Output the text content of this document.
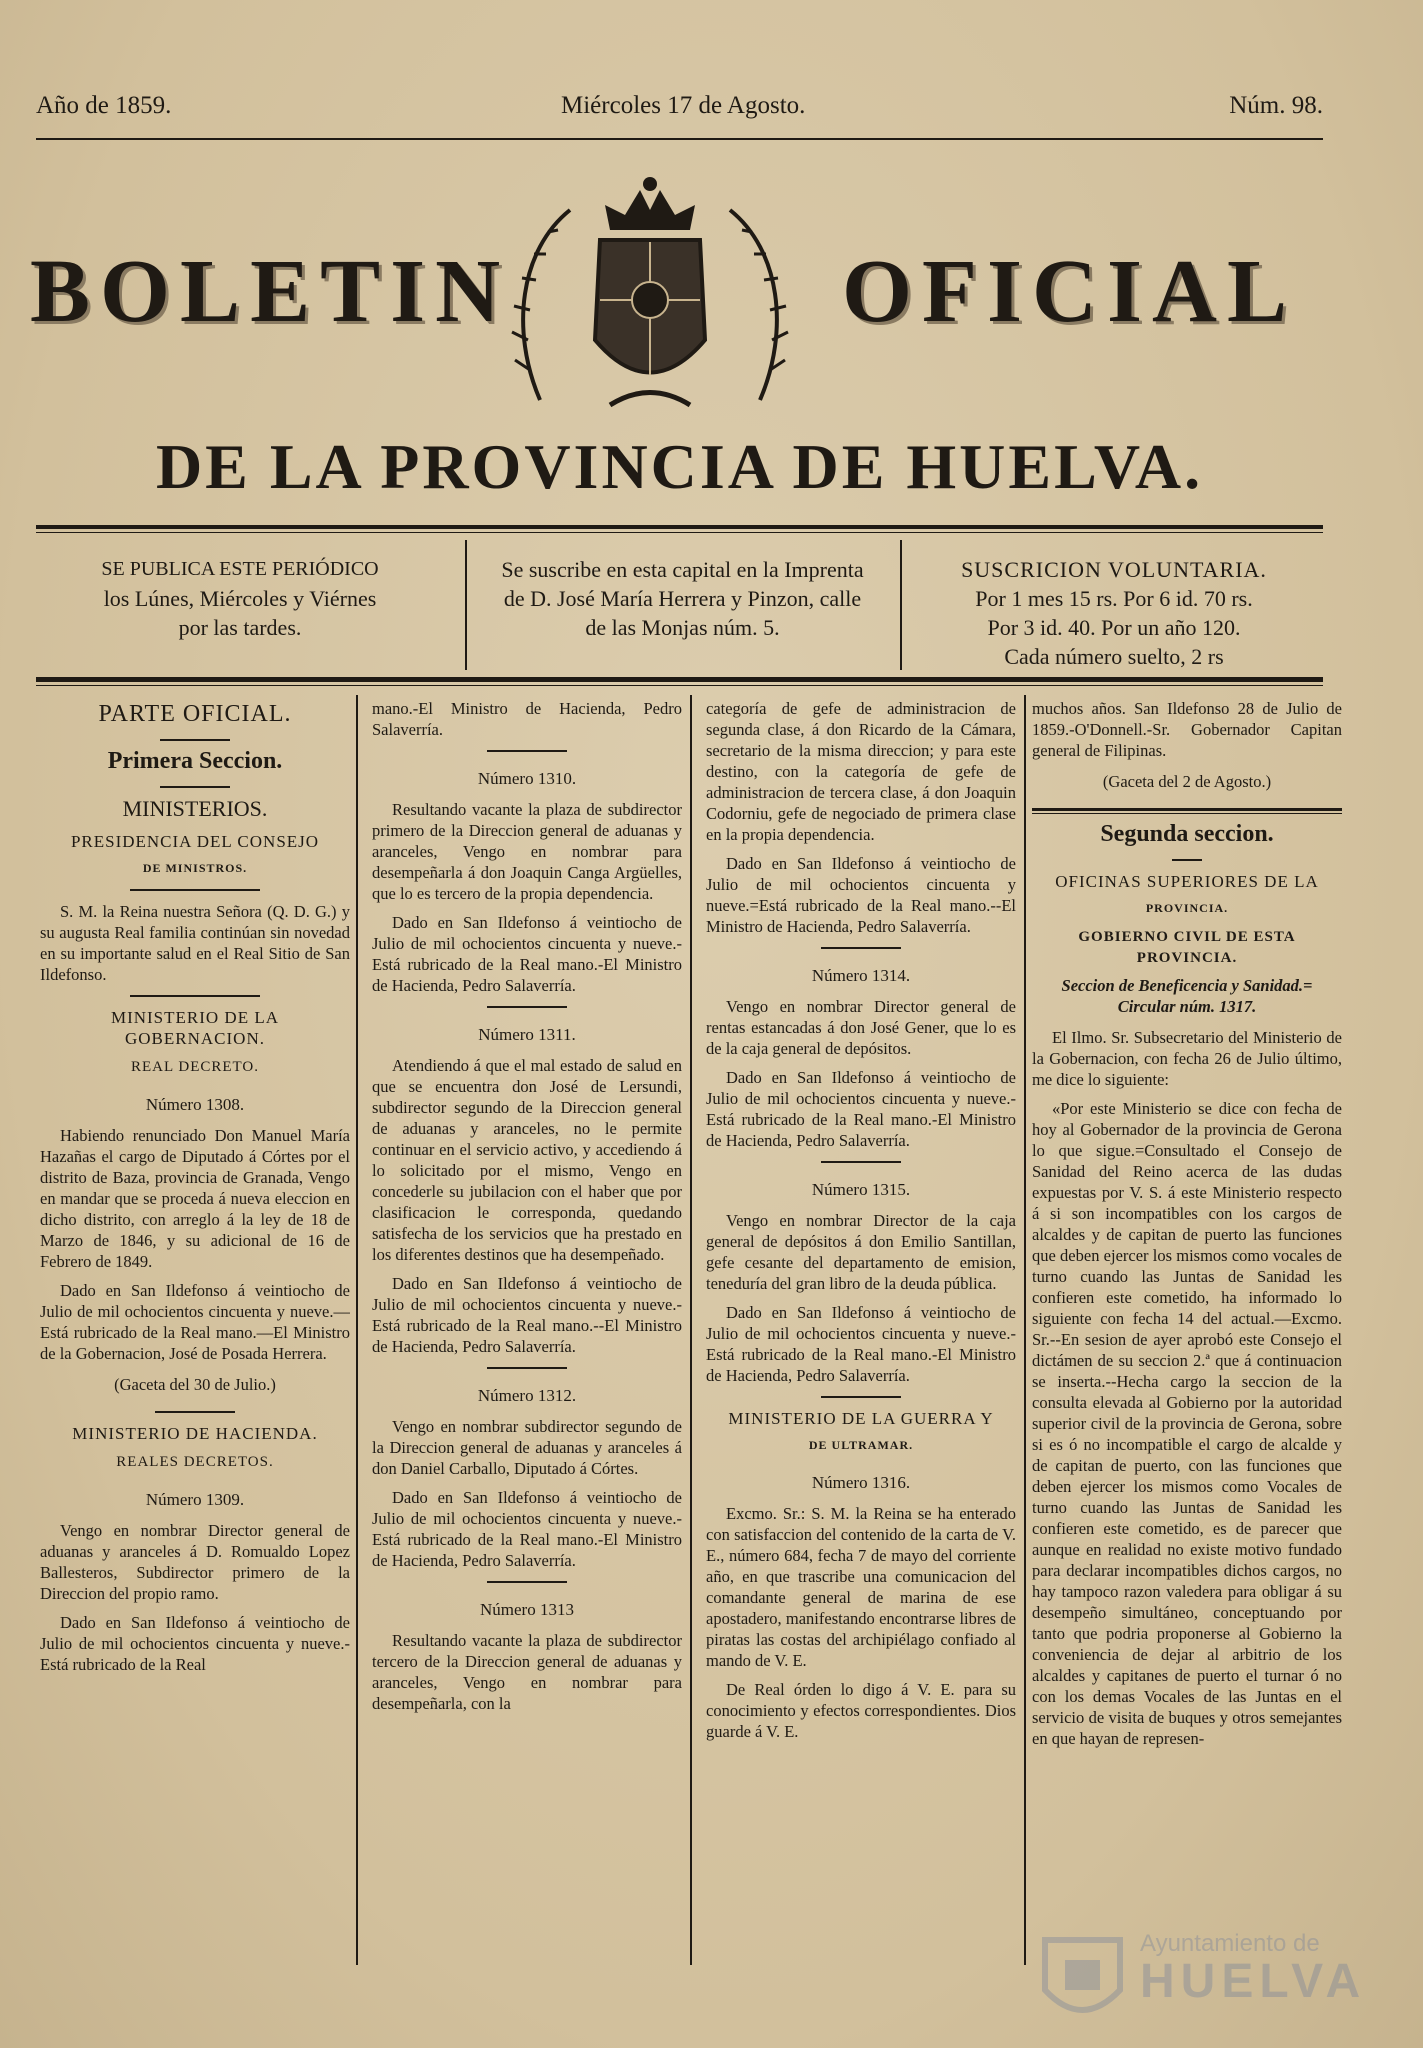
Año de 1859.	Miércoles 17 de Agosto.	Núm. 98.
BOLETIN	OFICIAL
DE LA PROVINCIA DE HUELVA.
SE PUBLICA ESTE PERIÓDICO
los Lúnes, Miércoles y Viérnes
por las tardes.
Se suscribe en esta capital en la Imprenta
de D. José María Herrera y Pinzon, calle
de las Monjas núm. 5.
SUSCRICION VOLUNTARIA.
Por 1 mes 15 rs. Por 6 id. 70 rs.
Por 3 id. 40. Por un año 120.
Cada número suelto, 2 rs
PARTE OFICIAL.
Primera Seccion.
MINISTERIOS.
PRESIDENCIA DEL CONSEJO
DE MINISTROS.

S. M. la Reina nuestra Señora (Q. D. G.) y su augusta Real familia continúan sin novedad en su importante salud en el Real Sitio de San Ildefonso.

MINISTERIO DE LA GOBERNACION.
REAL DECRETO.
Número 1308.

Habiendo renunciado Don Manuel María Hazañas el cargo de Diputado á Córtes por el distrito de Baza, provincia de Granada, Vengo en mandar que se proceda á nueva eleccion en dicho distrito, con arreglo á la ley de 18 de Marzo de 1846, y su adicional de 16 de Febrero de 1849.

Dado en San Ildefonso á veintiocho de Julio de mil ochocientos cincuenta y nueve.—Está rubricado de la Real mano.—El Ministro de la Gobernacion, José de Posada Herrera.

(Gaceta del 30 de Julio.)
MINISTERIO DE HACIENDA.
REALES DECRETOS.
Número 1309.

Vengo en nombrar Director general de aduanas y aranceles á D. Romualdo Lopez Ballesteros, Subdirector primero de la Direccion del propio ramo.

Dado en San Ildefonso á veintiocho de Julio de mil ochocientos cincuenta y nueve.-Está rubricado de la Real

mano.-El Ministro de Hacienda, Pedro Salaverría.

Número 1310.

Resultando vacante la plaza de subdirector primero de la Direccion general de aduanas y aranceles, Vengo en nombrar para desempeñarla á don Joaquin Canga Argüelles, que lo es tercero de la propia dependencia.

Dado en San Ildefonso á veintiocho de Julio de mil ochocientos cincuenta y nueve.-Está rubricado de la Real mano.-El Ministro de Hacienda, Pedro Salaverría.

Número 1311.

Atendiendo á que el mal estado de salud en que se encuentra don José de Lersundi, subdirector segundo de la Direccion general de aduanas y aranceles, no le permite continuar en el servicio activo, y accediendo á lo solicitado por el mismo, Vengo en concederle su jubilacion con el haber que por clasificacion le corresponda, quedando satisfecha de los servicios que ha prestado en los diferentes destinos que ha desempeñado.

Dado en San Ildefonso á veintiocho de Julio de mil ochocientos cincuenta y nueve.-Está rubricado de la Real mano.--El Ministro de Hacienda, Pedro Salaverría.

Número 1312.

Vengo en nombrar subdirector segundo de la Direccion general de aduanas y aranceles á don Daniel Carballo, Diputado á Córtes.

Dado en San Ildefonso á veintiocho de Julio de mil ochocientos cincuenta y nueve.-Está rubricado de la Real mano.-El Ministro de Hacienda, Pedro Salaverría.

Número 1313

Resultando vacante la plaza de subdirector tercero de la Direccion general de aduanas y aranceles, Vengo en nombrar para desempeñarla, con la

categoría de gefe de administracion de segunda clase, á don Ricardo de la Cámara, secretario de la misma direccion; y para este destino, con la categoría de gefe de administracion de tercera clase, á don Joaquin Codorniu, gefe de negociado de primera clase en la propia dependencia.

Dado en San Ildefonso á veintiocho de Julio de mil ochocientos cincuenta y nueve.=Está rubricado de la Real mano.--El Ministro de Hacienda, Pedro Salaverría.

Número 1314.

Vengo en nombrar Director general de rentas estancadas á don José Gener, que lo es de la caja general de depósitos.

Dado en San Ildefonso á veintiocho de Julio de mil ochocientos cincuenta y nueve.-Está rubricado de la Real mano.-El Ministro de Hacienda, Pedro Salaverría.

Número 1315.

Vengo en nombrar Director de la caja general de depósitos á don Emilio Santillan, gefe cesante del departamento de emision, teneduría del gran libro de la deuda pública.

Dado en San Ildefonso á veintiocho de Julio de mil ochocientos cincuenta y nueve.-Está rubricado de la Real mano.-El Ministro de Hacienda, Pedro Salaverría.

MINISTERIO DE LA GUERRA Y
DE ULTRAMAR.
Número 1316.

Excmo. Sr.: S. M. la Reina se ha enterado con satisfaccion del contenido de la carta de V. E., número 684, fecha 7 de mayo del corriente año, en que trascribe una comunicacion del comandante general de marina de ese apostadero, manifestando encontrarse libres de piratas las costas del archipiélago confiado al mando de V. E.

De Real órden lo digo á V. E. para su conocimiento y efectos correspondientes. Dios guarde á V. E.

muchos años. San Ildefonso 28 de Julio de 1859.-O'Donnell.-Sr. Gobernador Capitan general de Filipinas.

(Gaceta del 2 de Agosto.)
Segunda seccion.
OFICINAS SUPERIORES DE LA
PROVINCIA.
GOBIERNO CIVIL DE ESTA PROVINCIA.
Seccion de Beneficencia y Sanidad.=
Circular núm. 1317.

El Ilmo. Sr. Subsecretario del Ministerio de la Gobernacion, con fecha 26 de Julio último, me dice lo siguiente:

«Por este Ministerio se dice con fecha de hoy al Gobernador de la provincia de Gerona lo que sigue.=Consultado el Consejo de Sanidad del Reino acerca de las dudas expuestas por V. S. á este Ministerio respecto á si son incompatibles con los cargos de alcaldes y de capitan de puerto las funciones que deben ejercer los mismos como vocales de turno cuando las Juntas de Sanidad les confieren este cometido, ha informado lo siguiente con fecha 14 del actual.—Excmo. Sr.--En sesion de ayer aprobó este Consejo el dictámen de su seccion 2.ª que á continuacion se inserta.--Hecha cargo la seccion de la consulta elevada al Gobierno por la autoridad superior civil de la provincia de Gerona, sobre si es ó no incompatible el cargo de alcalde y de capitan de puerto, con las funciones que deben ejercer los mismos como Vocales de turno cuando las Juntas de Sanidad les confieren este cometido, es de parecer que aunque en realidad no existe motivo fundado para declarar incompatibles dichos cargos, no hay tampoco razon valedera para obligar á su desempeño simultáneo, conceptuando por tanto que podria proponerse al Gobierno la conveniencia de dejar al arbitrio de los alcaldes y capitanes de puerto el turnar ó no con los demas Vocales de las Juntas en el servicio de visita de buques y otros semejantes en que hayan de represen-

Ayuntamiento de
HUELVA
